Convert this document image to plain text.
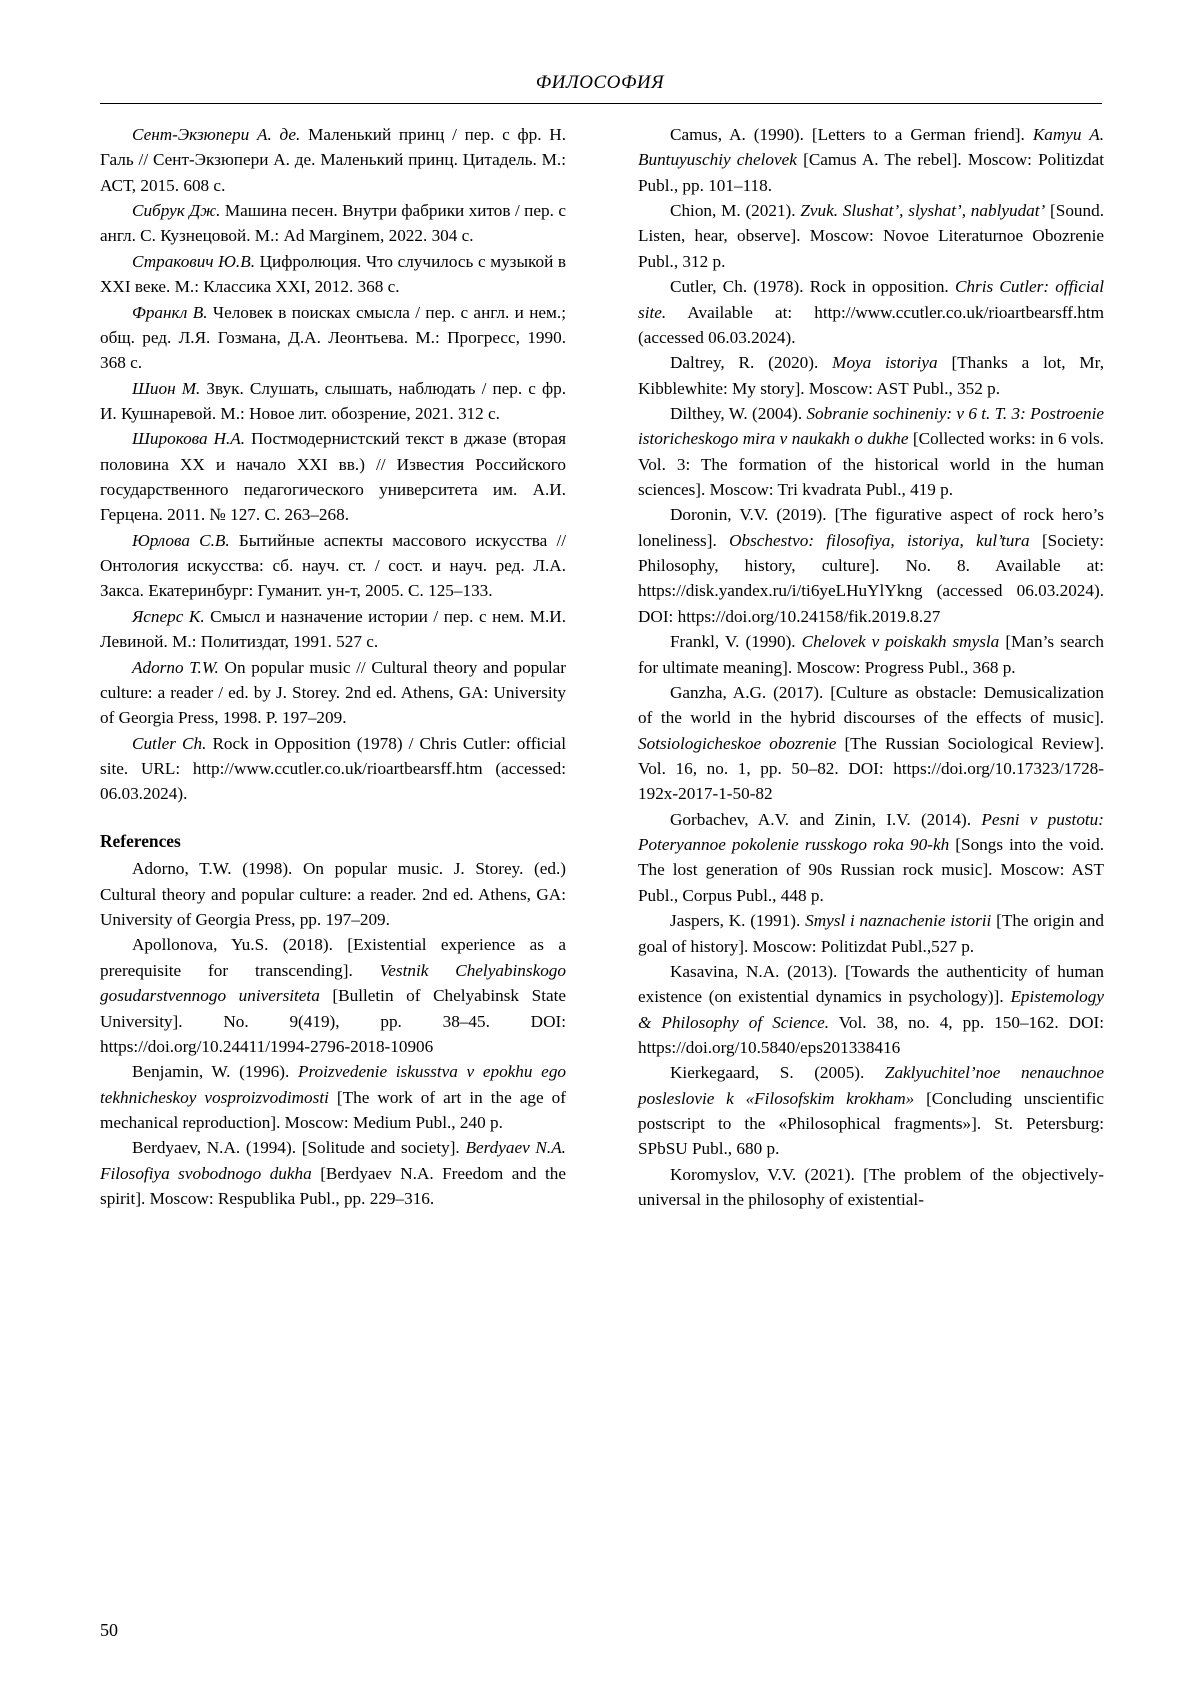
ФИЛОСОФИЯ

Сент-Экзюпери А. де. Маленький принц / пер. с фр. Н. Галь // Сент-Экзюпери А. де. Маленький принц. Цитадель. М.: АСТ, 2015. 608 с.

Сибрук Дж. Машина песен. Внутри фабрики хитов / пер. с англ. С. Кузнецовой. М.: Ad Marginem, 2022. 304 с.

Стракович Ю.В. Цифролюция. Что случилось с музыкой в XXI веке. М.: Классика XXI, 2012. 368 с.

Франкл В. Человек в поисках смысла / пер. с англ. и нем.; общ. ред. Л.Я. Гозмана, Д.А. Леонтьева. М.: Прогресс, 1990. 368 с.

Шион М. Звук. Слушать, слышать, наблюдать / пер. с фр. И. Кушнаревой. М.: Новое лит. обозрение, 2021. 312 с.

Широкова Н.А. Постмодернистский текст в джазе (вторая половина XX и начало XXI вв.) // Известия Российского государственного педагогического университета им. А.И. Герцена. 2011. № 127. С. 263–268.

Юрлова С.В. Бытийные аспекты массового искусства // Онтология искусства: сб. науч. ст. / сост. и науч. ред. Л.А. Закса. Екатеринбург: Гуманит. ун-т, 2005. С. 125–133.

Ясперс К. Смысл и назначение истории / пер. с нем. М.И. Левиной. М.: Политиздат, 1991. 527 с.

Adorno T.W. On popular music // Cultural theory and popular culture: a reader / ed. by J. Storey. 2nd ed. Athens, GA: University of Georgia Press, 1998. P. 197–209.

Cutler Ch. Rock in Opposition (1978) / Chris Cutler: official site. URL: http://www.ccutler.co.uk/rioartbearsff.htm (accessed: 06.03.2024).

References

Adorno, T.W. (1998). On popular music. J. Storey. (ed.) Cultural theory and popular culture: a reader. 2nd ed. Athens, GA: University of Georgia Press, pp. 197–209.

Apollonova, Yu.S. (2018). [Existential experience as a prerequisite for transcending]. Vestnik Chelyabinskogo gosudarstvennogo universiteta [Bulletin of Chelyabinsk State University]. No. 9(419), pp. 38–45. DOI: https://doi.org/10.24411/1994-2796-2018-10906

Benjamin, W. (1996). Proizvedenie iskusstva v epokhu ego tekhnicheskoy vosproizvodimosti [The work of art in the age of mechanical reproduction]. Moscow: Medium Publ., 240 p.

Berdyaev, N.A. (1994). [Solitude and society]. Berdyaev N.A. Filosofiya svobodnogo dukha [Berdyaev N.A. Freedom and the spirit]. Moscow: Respublika Publ., pp. 229–316.

Camus, A. (1990). [Letters to a German friend]. Kamyu A. Buntuyuschiy chelovek [Camus A. The rebel]. Moscow: Politizdat Publ., pp. 101–118.

Chion, M. (2021). Zvuk. Slushat’, slyshat’, nablyudat’ [Sound. Listen, hear, observe]. Moscow: Novoe Literaturnoe Obozrenie Publ., 312 p.

Cutler, Ch. (1978). Rock in opposition. Chris Cutler: official site. Available at: http://www.ccutler.co.uk/rioartbearsff.htm (accessed 06.03.2024).

Daltrey, R. (2020). Moya istoriya [Thanks a lot, Mr, Kibblewhite: My story]. Moscow: AST Publ., 352 p.

Dilthey, W. (2004). Sobranie sochineniy: v 6 t. T. 3: Postroenie istoricheskogo mira v naukakh o dukhe [Collected works: in 6 vols. Vol. 3: The formation of the historical world in the human sciences]. Moscow: Tri kvadrata Publ., 419 p.

Doronin, V.V. (2019). [The figurative aspect of rock hero’s loneliness]. Obschestvo: filosofiya, istoriya, kul’tura [Society: Philosophy, history, culture]. No. 8. Available at: https://disk.yandex.ru/i/ti6yeLHuYlYkng (accessed 06.03.2024). DOI: https://doi.org/10.24158/fik.2019.8.27

Frankl, V. (1990). Chelovek v poiskakh smysla [Man’s search for ultimate meaning]. Moscow: Progress Publ., 368 p.

Ganzha, A.G. (2017). [Culture as obstacle: Demusicalization of the world in the hybrid discourses of the effects of music]. Sotsiologicheskoe obozrenie [The Russian Sociological Review]. Vol. 16, no. 1, pp. 50–82. DOI: https://doi.org/10.17323/1728-192x-2017-1-50-82

Gorbachev, A.V. and Zinin, I.V. (2014). Pesni v pustotu: Poteryannoe pokolenie russkogo roka 90-kh [Songs into the void. The lost generation of 90s Russian rock music]. Moscow: AST Publ., Corpus Publ., 448 p.

Jaspers, K. (1991). Smysl i naznachenie istorii [The origin and goal of history]. Moscow: Politizdat Publ.,527 p.

Kasavina, N.A. (2013). [Towards the authenticity of human existence (on existential dynamics in psychology)]. Epistemology & Philosophy of Science. Vol. 38, no. 4, pp. 150–162. DOI: https://doi.org/10.5840/eps201338416

Kierkegaard, S. (2005). Zaklyuchitel’noe nenauchnoe posleslovie k «Filosofskim krokham» [Concluding unscientific postscript to the «Philosophical fragments»]. St. Petersburg: SPbSU Publ., 680 p.

Koromyslov, V.V. (2021). [The problem of the objectively-universal in the philosophy of existential-

50
